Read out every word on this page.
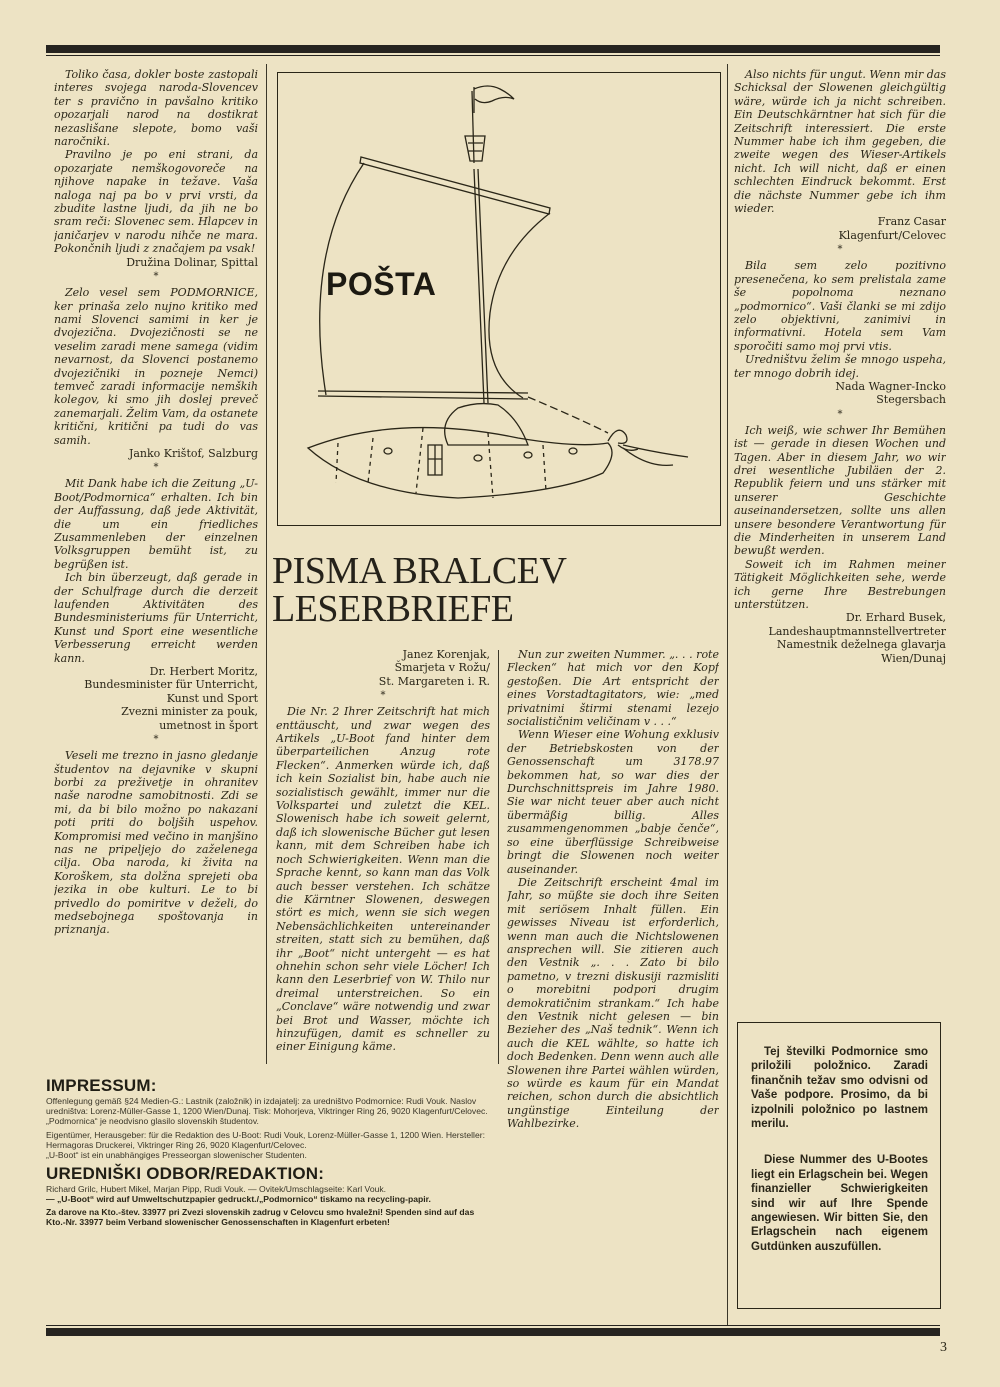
Toliko časa, dokler boste zastopali interes svojega naroda-Slovencev ter s pravično in pavšalno kritiko opozarjali narod na dostikrat nezaslišane slepote, bomo vaši naročniki.

Pravilno je po eni strani, da opozarjate nemškogovoreče na njihove napake in težave. Vaša naloga naj pa bo v prvi vrsti, da zbudite lastne ljudi, da jih ne bo sram reči: Slovenec sem. Hlapcev in janičarjev v narodu nihče ne mara. Pokončnih ljudi z značajem pa vsak!

Družina Dolinar, Spittal

*

Zelo vesel sem PODMORNICE, ker prinaša zelo nujno kritiko med nami Slovenci samimi in ker je dvojezična. Dvojezičnosti se ne veselim zaradi mene samega (vidim nevarnost, da Slovenci postanemo dvojezičniki in pozneje Nemci) temveč zaradi informacije nemških kolegov, ki smo jih doslej preveč zanemarjali. Želim Vam, da ostanete kritični, kritični pa tudi do vas samih.

Janko Krištof, Salzburg

*

Mit Dank habe ich die Zeitung „U-Boot/Podmornica“ erhalten. Ich bin der Auffassung, daß jede Aktivität, die um ein friedliches Zusammenleben der einzelnen Volksgruppen bemüht ist, zu begrüßen ist.

Ich bin überzeugt, daß gerade in der Schulfrage durch die derzeit laufenden Aktivitäten des Bundesministeriums für Unterricht, Kunst und Sport eine wesentliche Verbesserung erreicht werden kann.

Dr. Herbert Moritz,

Bundesminister für Unterricht,

Kunst und Sport

Zvezni minister za pouk,

umetnost in šport

*

Veseli me trezno in jasno gledanje študentov na dejavnike v skupni borbi za preživetje in ohranitev naše narodne samobitnosti. Zdi se mi, da bi bilo možno po nakazani poti priti do boljših uspehov. Kompromisi med večino in manjšino nas ne pripeljejo do zaželenega cilja. Oba naroda, ki živita na Koroškem, sta dolžna sprejeti oba jezika in obe kulturi. Le to bi privedlo do pomiritve v deželi, do medsebojnega spoštovanja in priznanja.

POŠTA
PISMA BRALCEV
LESERBRIEFE

Janez Korenjak,

Šmarjeta v Rožu/

St. Margareten i. R.

*

Die Nr. 2 Ihrer Zeitschrift hat mich enttäuscht, und zwar wegen des Artikels „U-Boot fand hinter dem überparteilichen Anzug rote Flecken“. Anmerken würde ich, daß ich kein Sozialist bin, habe auch nie sozialistisch gewählt, immer nur die Volkspartei und zuletzt die KEL. Slowenisch habe ich soweit gelernt, daß ich slowenische Bücher gut lesen kann, mit dem Schreiben habe ich noch Schwierigkeiten. Wenn man die Sprache kennt, so kann man das Volk auch besser verstehen. Ich schätze die Kärntner Slowenen, deswegen stört es mich, wenn sie sich wegen Nebensächlichkeiten untereinander streiten, statt sich zu bemühen, daß ihr „Boot“ nicht untergeht — es hat ohnehin schon sehr viele Löcher! Ich kann den Leserbrief von W. Thilo nur dreimal unterstreichen. So ein „Conclave“ wäre notwendig und zwar bei Brot und Wasser, möchte ich hinzufügen, damit es schneller zu einer Einigung käme.

Nun zur zweiten Nummer. „. . . rote Flecken“ hat mich vor den Kopf gestoßen. Die Art entspricht der eines Vorstadtagitators, wie: „med privatnimi štirmi stenami lezejo socialističnim veličinam v . . .“

Wenn Wieser eine Wohung exklusiv der Betriebskosten von der Genossenschaft um 3178.97 bekommen hat, so war dies der Durchschnittspreis im Jahre 1980. Sie war nicht teuer aber auch nicht übermäßig billig. Alles zusammengenommen „babje čenče“, so eine überflüssige Schreibweise bringt die Slowenen noch weiter auseinander.

Die Zeitschrift erscheint 4mal im Jahr, so müßte sie doch ihre Seiten mit seriösem Inhalt füllen. Ein gewisses Niveau ist erforderlich, wenn man auch die Nichtslowenen ansprechen will. Sie zitieren auch den Vestnik „. . . Zato bi bilo pametno, v trezni diskusiji razmisliti o morebitni podpori drugim demokratičnim strankam.“ Ich habe den Vestnik nicht gelesen — bin Bezieher des „Naš tednik“. Wenn ich auch die KEL wählte, so hatte ich doch Bedenken. Denn wenn auch alle Slowenen ihre Partei wählen würden, so würde es kaum für ein Mandat reichen, schon durch die absichtlich ungünstige Einteilung der Wahlbezirke.

Also nichts für ungut. Wenn mir das Schicksal der Slowenen gleichgültig wäre, würde ich ja nicht schreiben. Ein Deutschkärntner hat sich für die Zeitschrift interessiert. Die erste Nummer habe ich ihm gegeben, die zweite wegen des Wieser-Artikels nicht. Ich will nicht, daß er einen schlechten Eindruck bekommt. Erst die nächste Nummer gebe ich ihm wieder.

Franz Casar

Klagenfurt/Celovec

*

Bila sem zelo pozitivno presenečena, ko sem prelistala zame še popolnoma neznano „podmornico“. Vaši članki se mi zdijo zelo objektivni, zanimivi in informativni. Hotela sem Vam sporočiti samo moj prvi vtis.

Uredništvu želim še mnogo uspeha, ter mnogo dobrih idej.

Nada Wagner-Incko

Stegersbach

*

Ich weiß, wie schwer Ihr Bemühen ist — gerade in diesen Wochen und Tagen. Aber in diesem Jahr, wo wir drei wesentliche Jubiläen der 2. Republik feiern und uns stärker mit unserer Geschichte auseinandersetzen, sollte uns allen unsere besondere Verantwortung für die Minderheiten in unserem Land bewußt werden.

Soweit ich im Rahmen meiner Tätigkeit Möglichkeiten sehe, werde ich gerne Ihre Bestrebungen unterstützen.

Dr. Erhard Busek,

Landeshauptmannstellvertreter

Namestnik deželnega glavarja

Wien/Dunaj

IMPRESSUM:

Offenlegung gemäß §24 Medien-G.: Lastnik (založnik) in izdajatelj: za uredništvo Podmornice: Rudi Vouk. Naslov uredništva: Lorenz-Müller-Gasse 1, 1200 Wien/Dunaj. Tisk: Mohorjeva, Viktringer Ring 26, 9020 Klagenfurt/Celovec.

„Podmornica“ je neodvisno glasilo slovenskih študentov.

Eigentümer, Herausgeber: für die Redaktion des U-Boot: Rudi Vouk, Lorenz-Müller-Gasse 1, 1200 Wien. Hersteller: Hermagoras Druckerei, Viktringer Ring 26, 9020 Klagenfurt/Celovec.

„U-Boot“ ist ein unabhängiges Presseorgan slowenischer Studenten.

UREDNIŠKI ODBOR/REDAKTION:

Richard Grilc, Hubert Mikel, Marjan Pipp, Rudi Vouk. — Ovitek/Umschlagseite: Karl Vouk.

— „U-Boot“ wird auf Umweltschutzpapier gedruckt./„Podmornico“ tiskamo na recycling-papir.

Za darove na Kto.-štev. 33977 pri Zvezi slovenskih zadrug v Celovcu smo hvaležni! Spenden sind auf das Kto.-Nr. 33977 beim Verband slowenischer Genossenschaften in Klagenfurt erbeten!

Tej številki Podmornice smo priložili položnico. Zaradi finančnih težav smo odvisni od Vaše podpore. Prosimo, da bi izpolnili položnico po lastnem merilu.

Diese Nummer des U-Bootes liegt ein Erlagschein bei. Wegen finanzieller Schwierigkeiten sind wir auf Ihre Spende angewiesen. Wir bitten Sie, den Erlagschein nach eigenem Gutdünken auszufüllen.

3
